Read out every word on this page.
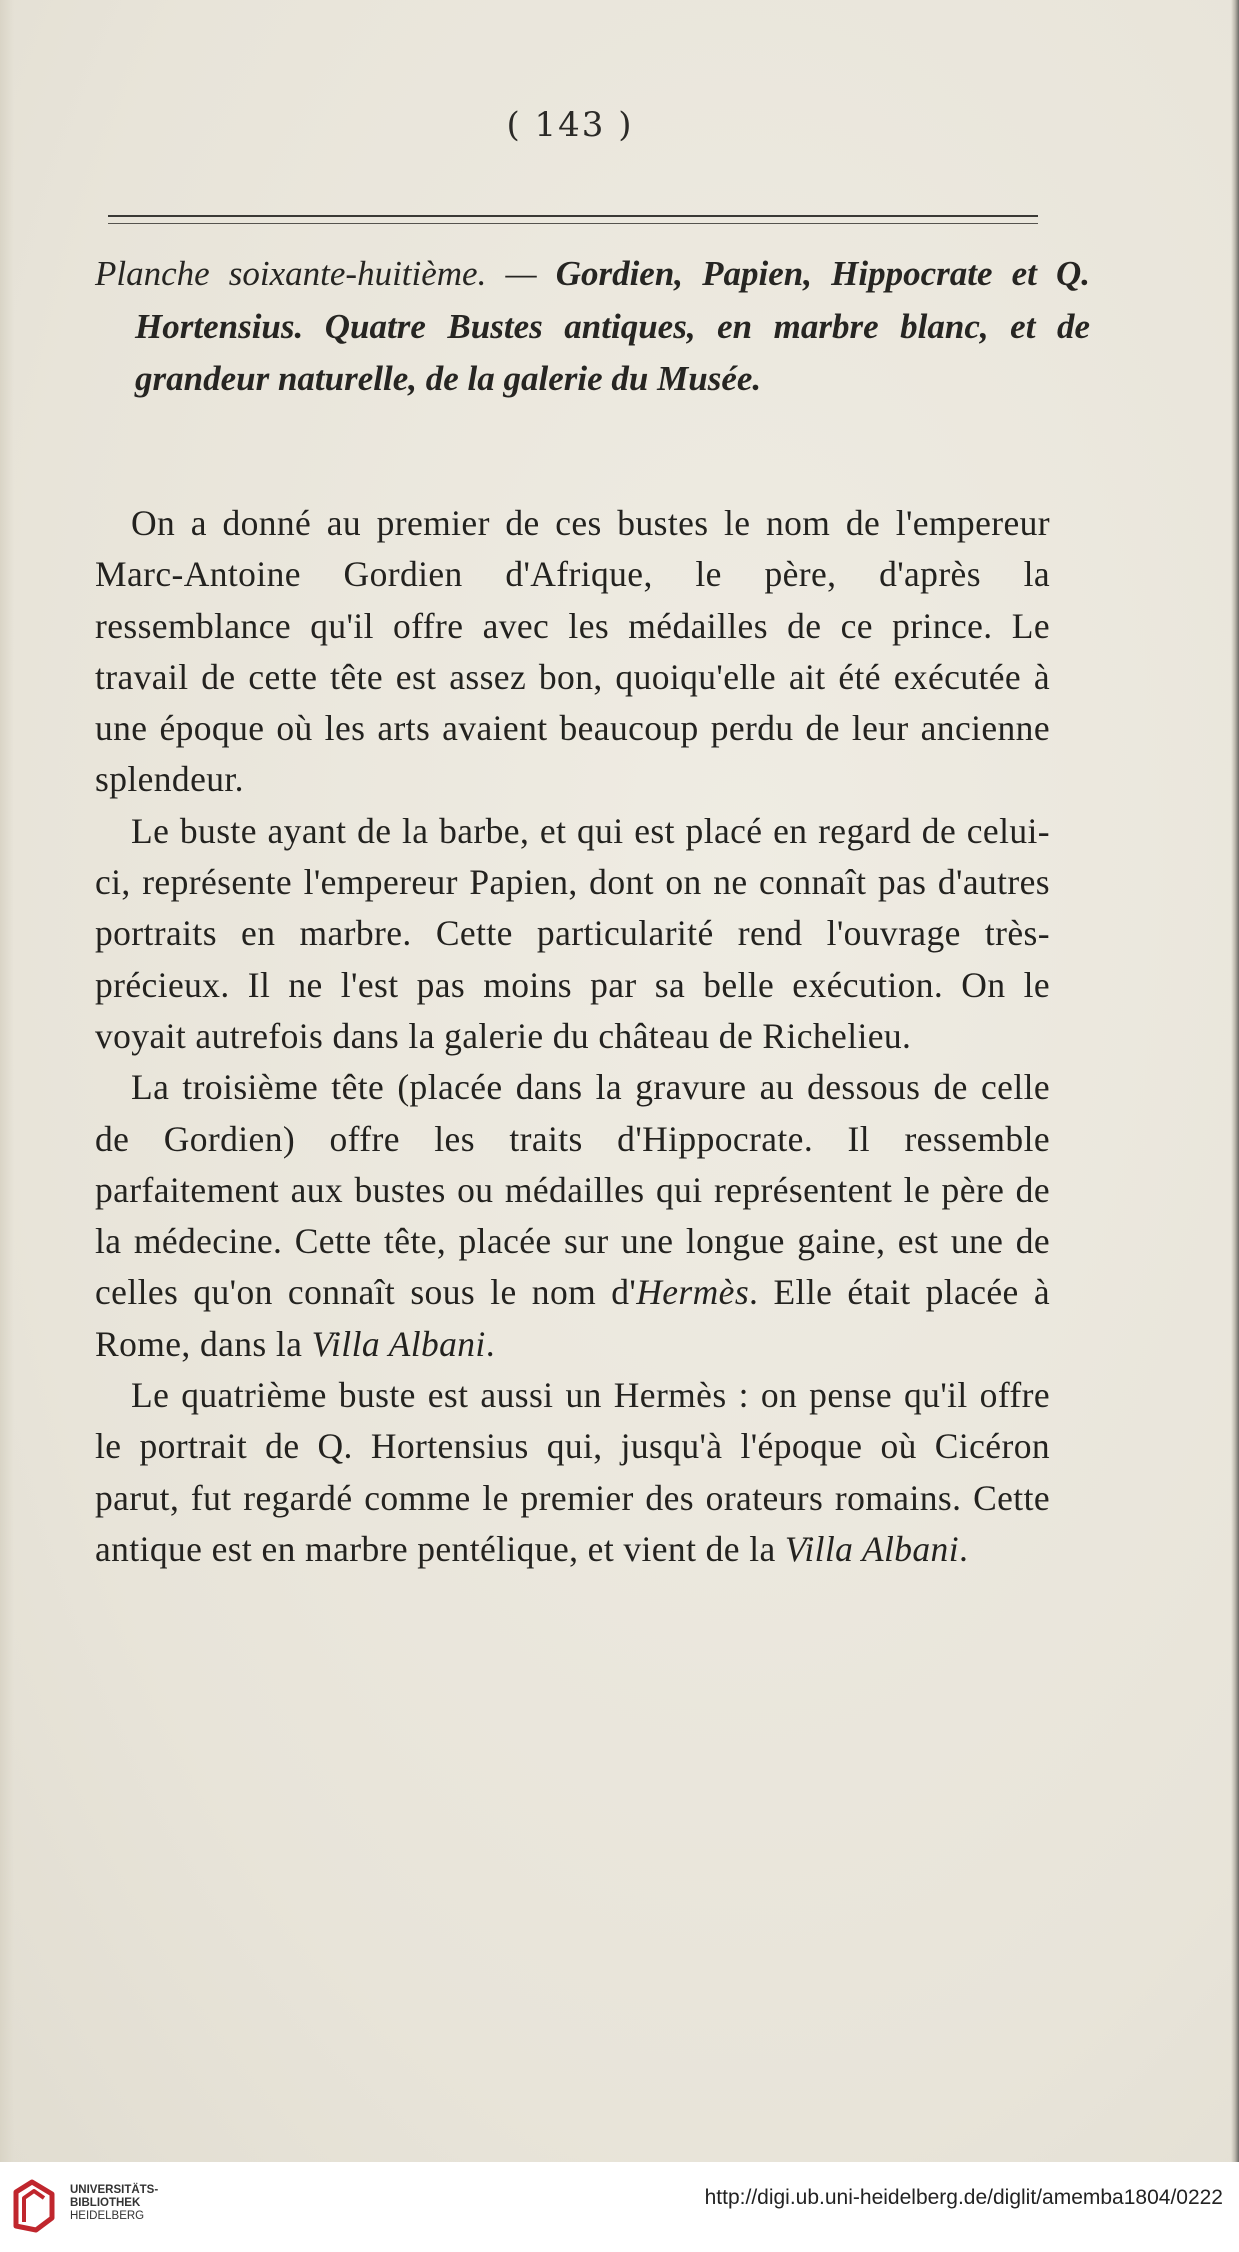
( 143 )
Planche soixante-huitième. — Gordien, Papien, Hippocrate et Q. Hortensius. Quatre Bustes antiques, en marbre blanc, et de grandeur naturelle, de la galerie du Musée.

On a donné au premier de ces bustes le nom de l'empereur Marc-Antoine Gordien d'Afrique, le père, d'après la ressemblance qu'il offre avec les médailles de ce prince. Le travail de cette tête est assez bon, quoiqu'elle ait été exécutée à une époque où les arts avaient beaucoup perdu de leur ancienne splendeur.

Le buste ayant de la barbe, et qui est placé en regard de celui-ci, représente l'empereur Papien, dont on ne connaît pas d'autres portraits en marbre. Cette particularité rend l'ouvrage très-précieux. Il ne l'est pas moins par sa belle exécution. On le voyait autrefois dans la galerie du château de Richelieu.

La troisième tête (placée dans la gravure au dessous de celle de Gordien) offre les traits d'Hippocrate. Il ressemble parfaitement aux bustes ou médailles qui représentent le père de la médecine. Cette tête, placée sur une longue gaine, est une de celles qu'on connaît sous le nom d'Hermès. Elle était placée à Rome, dans la Villa Albani.

Le quatrième buste est aussi un Hermès : on pense qu'il offre le portrait de Q. Hortensius qui, jusqu'à l'époque où Cicéron parut, fut regardé comme le premier des orateurs romains. Cette antique est en marbre pentélique, et vient de la Villa Albani.

UNIVERSITÄTS-
BIBLIOTHEK
HEIDELBERG
http://digi.ub.uni-heidelberg.de/diglit/amemba1804/0222
